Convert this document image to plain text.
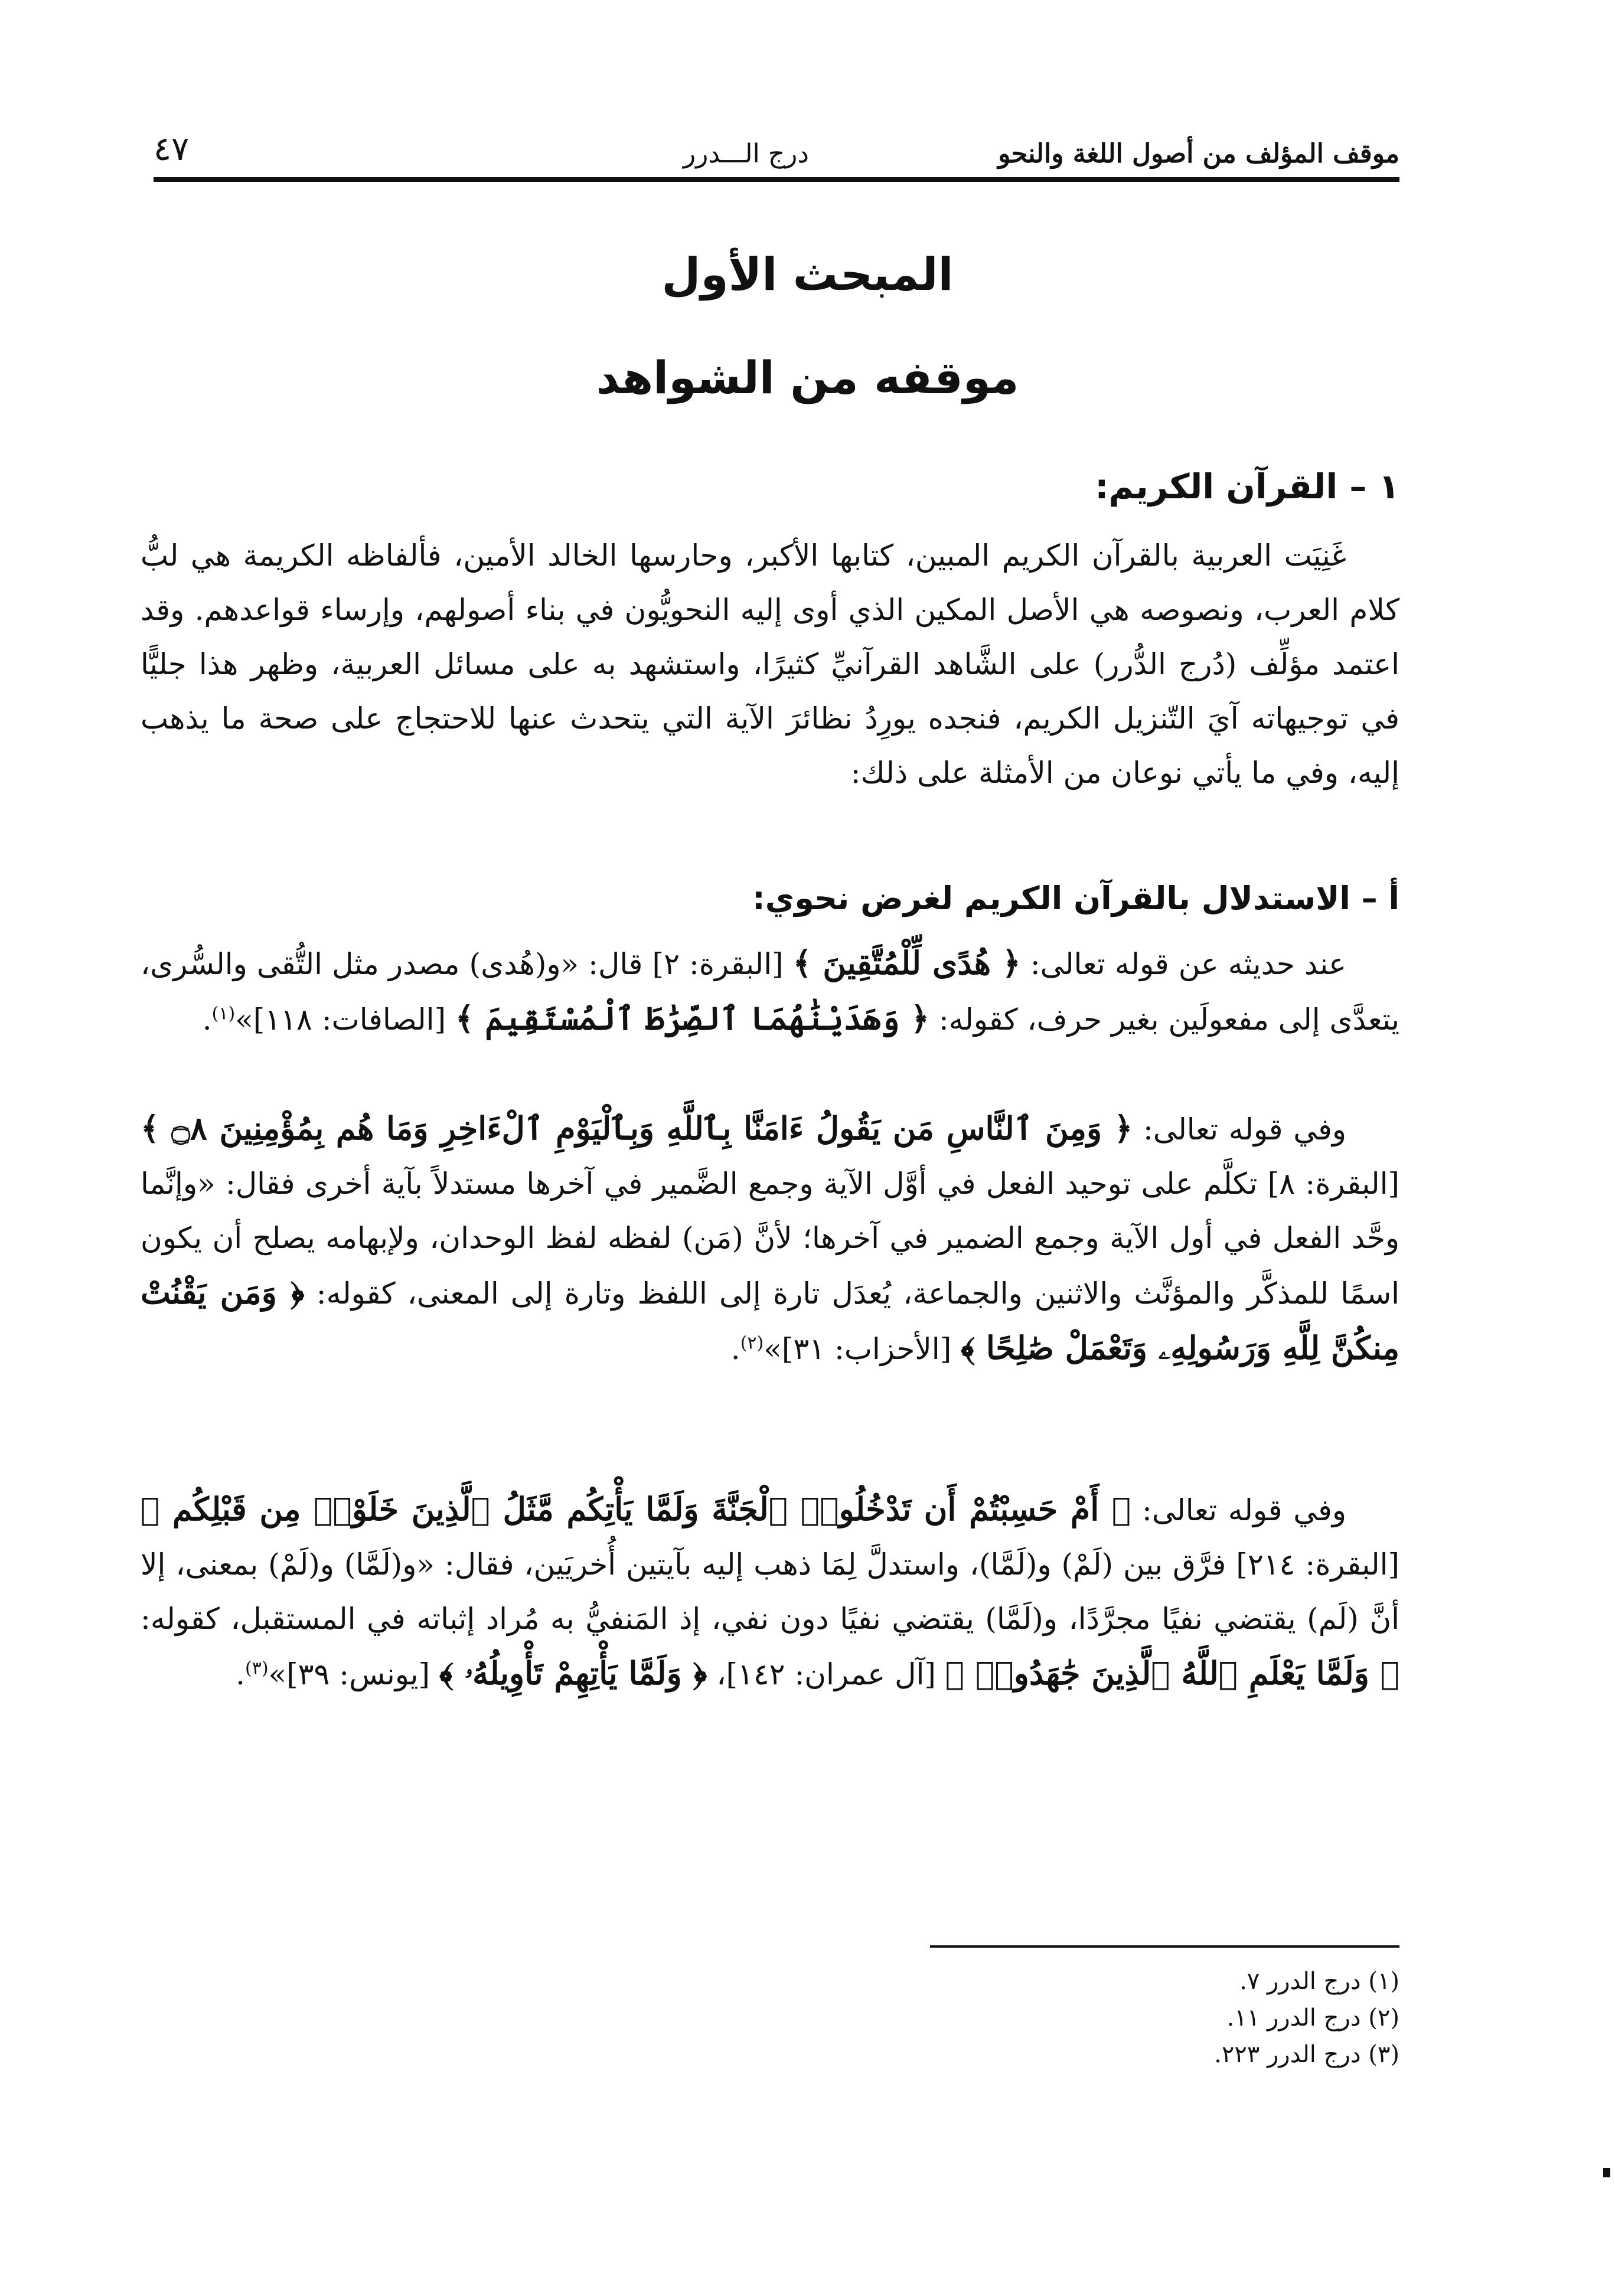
موقف المؤلف من أصول اللغة والنحو
درج الـــدرر
٤٧
المبحث الأول
موقفه من الشواهد
١ – القرآن الكريم:

غَنِيَت العربية بالقرآن الكريم المبين، كتابها الأكبر، وحارسها الخالد الأمين، فألفاظه الكريمة هي لبُّ كلام العرب، ونصوصه هي الأصل المكين الذي أوى إليه النحويُّون في بناء أصولهم، وإرساء قواعدهم. وقد اعتمد مؤلِّف (دُرج الدُّرر) على الشَّاهد القرآنيِّ كثيرًا، واستشهد به على مسائل العربية، وظهر هذا جليًّا في توجيهاته آيَ التّنزيل الكريم، فنجده يورِدُ نظائرَ الآية التي يتحدث عنها للاحتجاج على صحة ما يذهب إليه، وفي ما يأتي نوعان من الأمثلة على ذلك:

أ – الاستدلال بالقرآن الكريم لغرض نحوي:

عند حديثه عن قوله تعالى: ﴿ هُدًى لِّلْمُتَّقِينَ ﴾ [البقرة: ٢] قال: «و(هُدى) مصدر مثل التُّقى والسُّرى، يتعدَّى إلى مفعولَين بغير حرف، كقوله: ﴿ وَهَدَيْنَٰهُمَا ٱلصِّرَٰطَ ٱلْمُسْتَقِيمَ ﴾ [الصافات: ١١٨]»$^{(١)}$.

وفي قوله تعالى: ﴿ وَمِنَ ٱلنَّاسِ مَن يَقُولُ ءَامَنَّا بِٱللَّهِ وَبِٱلْيَوْمِ ٱلْءَاخِرِ وَمَا هُم بِمُؤْمِنِينَ ۝٨ ﴾ [البقرة: ٨] تكلَّم على توحيد الفعل في أوَّل الآية وجمع الضَّمير في آخرها مستدلاً بآية أخرى فقال: «وإنَّما وحَّد الفعل في أول الآية وجمع الضمير في آخرها؛ لأنَّ (مَن) لفظه لفظ الوحدان، ولإبهامه يصلح أن يكون اسمًا للمذكَّر والمؤنَّث والاثنين والجماعة، يُعدَل تارة إلى اللفظ وتارة إلى المعنى، كقوله: ﴿ وَمَن يَقْنُتْ مِنكُنَّ لِلَّهِ وَرَسُولِهِۦ وَتَعْمَلْ صَٰلِحًا ﴾ [الأحزاب: ٣١]»$^{(٢)}$.

وفي قوله تعالى: ﴿ أَمْ حَسِبْتُمْ أَن تَدْخُلُوا۟ ٱلْجَنَّةَ وَلَمَّا يَأْتِكُم مَّثَلُ ٱلَّذِينَ خَلَوْا۟ مِن قَبْلِكُم ﴾ [البقرة: ٢١٤] فرَّق بين (لَمْ) و(لَمَّا)، واستدلَّ لِمَا ذهب إليه بآيتين أُخريَين، فقال: «و(لَمَّا) و(لَمْ) بمعنى، إلا أنَّ (لَم) يقتضي نفيًا مجرَّدًا، و(لَمَّا) يقتضي نفيًا دون نفي، إذ المَنفيُّ به مُراد إثباته في المستقبل، كقوله: ﴿ وَلَمَّا يَعْلَمِ ٱللَّهُ ٱلَّذِينَ جَٰهَدُوا۟ ﴾ [آل عمران: ١٤٢]، ﴿ وَلَمَّا يَأْتِهِمْ تَأْوِيلُهُۥ ﴾ [يونس: ٣٩]»$^{(٣)}$.

(١) درج الدرر ٧.
(٢) درج الدرر ١١.
(٣) درج الدرر ٢٢٣.
